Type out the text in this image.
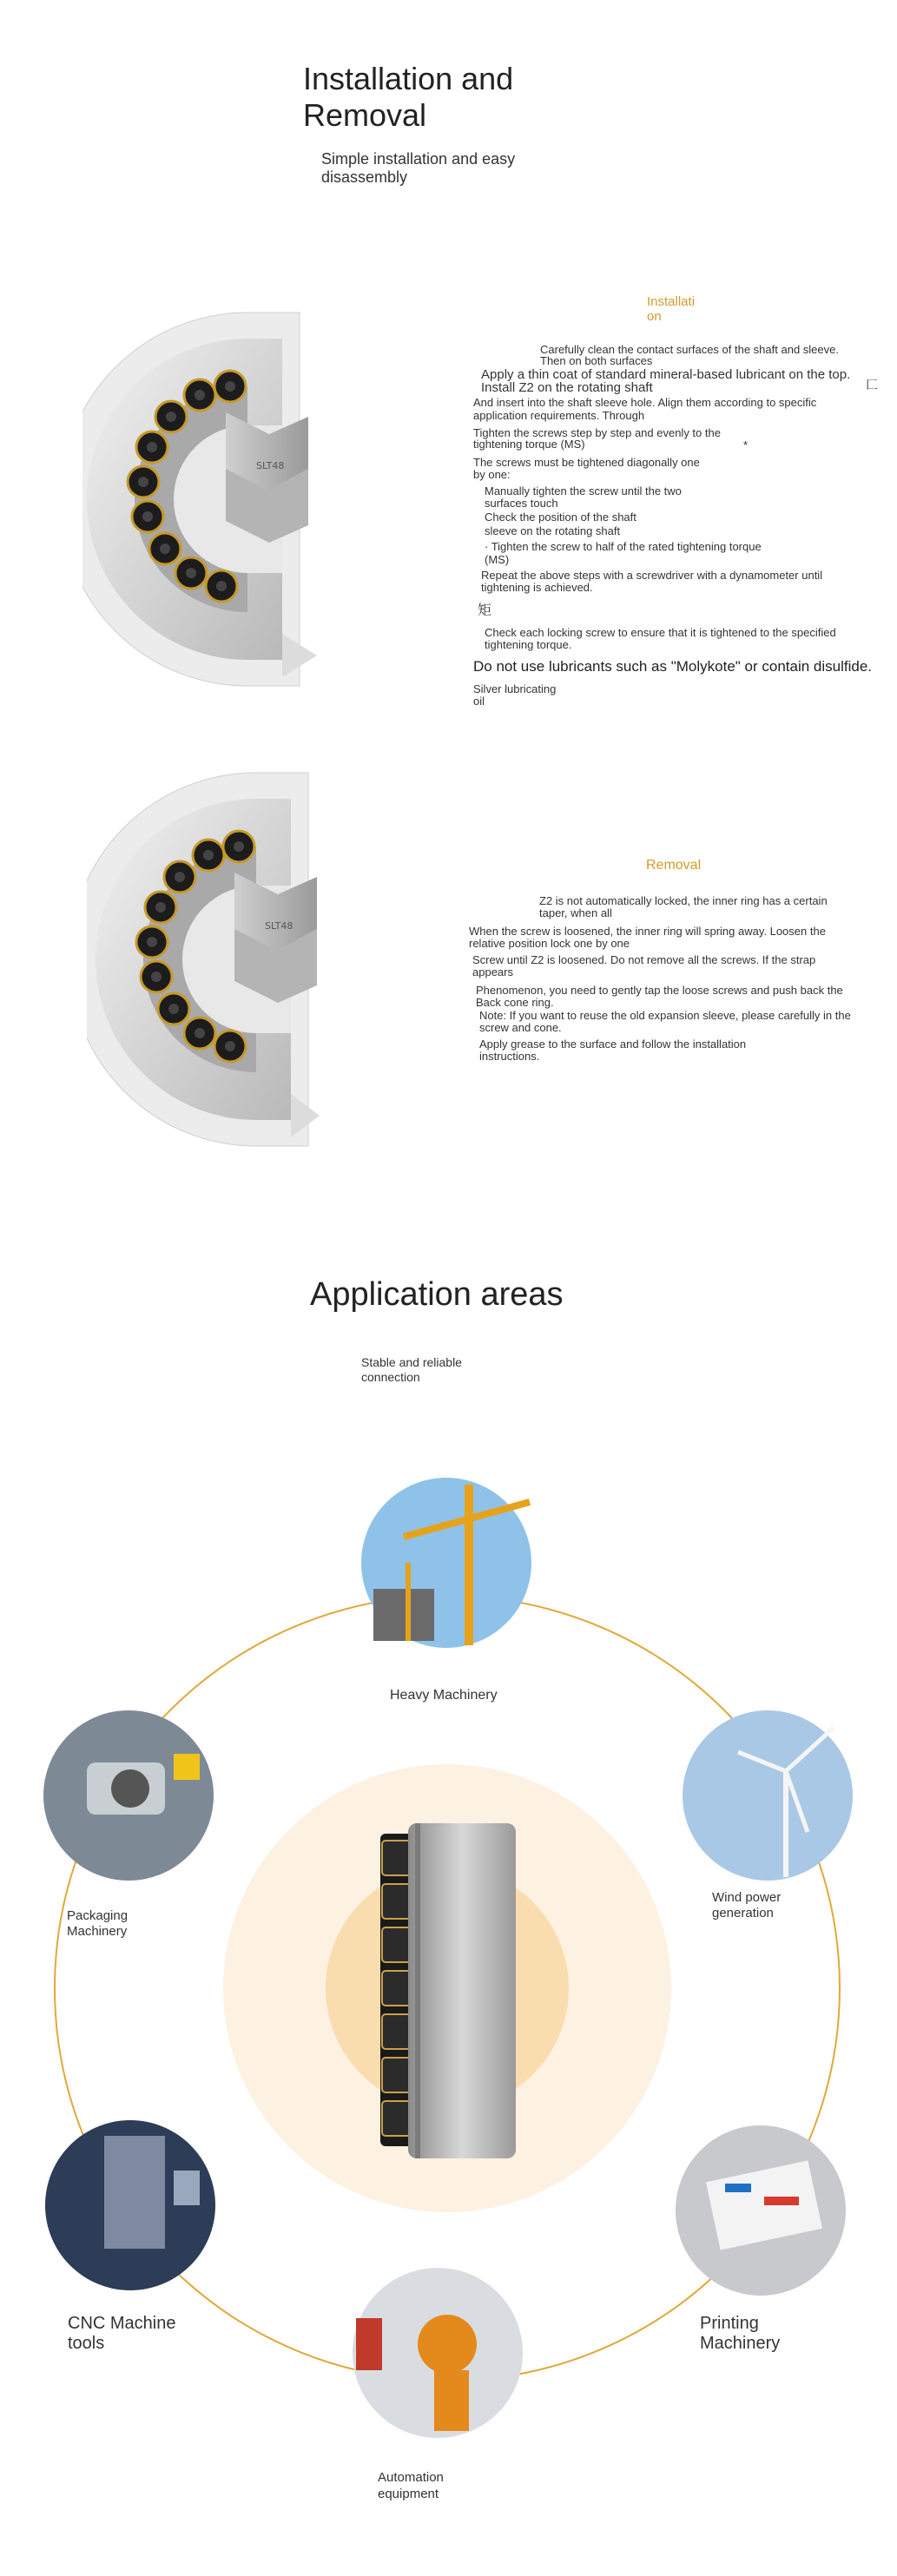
Installation and
Removal
Simple installation and easy
disassembly
SLT48
Installati
on
Carefully clean the contact surfaces of the shaft and sleeve.
Then on both surfaces
Apply a thin coat of standard mineral-based lubricant on the top.
Install Z2 on the rotating shaft	匚
And insert into the shaft sleeve hole. Align them according to specific
application requirements. Through
Tighten the screws step by step and evenly to the
tightening torque (MS)	*
The screws must be tightened diagonally one
by one:
Manually tighten the screw until the two
surfaces touch
Check the position of the shaft
sleeve on the rotating shaft
· Tighten the screw to half of the rated tightening torque
(MS)
Repeat the above steps with a screwdriver with a dynamometer until
tightening is achieved.
矩
Check each locking screw to ensure that it is tightened to the specified
tightening torque.
Do not use lubricants such as "Molykote" or contain disulfide.
Silver lubricating
oil
SLT48
Removal
Z2 is not automatically locked, the inner ring has a certain
taper, when all
When the screw is loosened, the inner ring will spring away. Loosen the
relative position lock one by one
Screw until Z2 is loosened. Do not remove all the screws. If the strap
appears
Phenomenon, you need to gently tap the loose screws and push back the
Back cone ring.
Note: If you want to reuse the old expansion sleeve, please carefully in the
screw and cone.
Apply grease to the surface and follow the installation
instructions.
Application areas
Stable and reliable
connection
Heavy Machinery
Wind power
generation
Printing
Machinery
Automation
equipment
CNC Machine
tools
Packaging
Machinery
